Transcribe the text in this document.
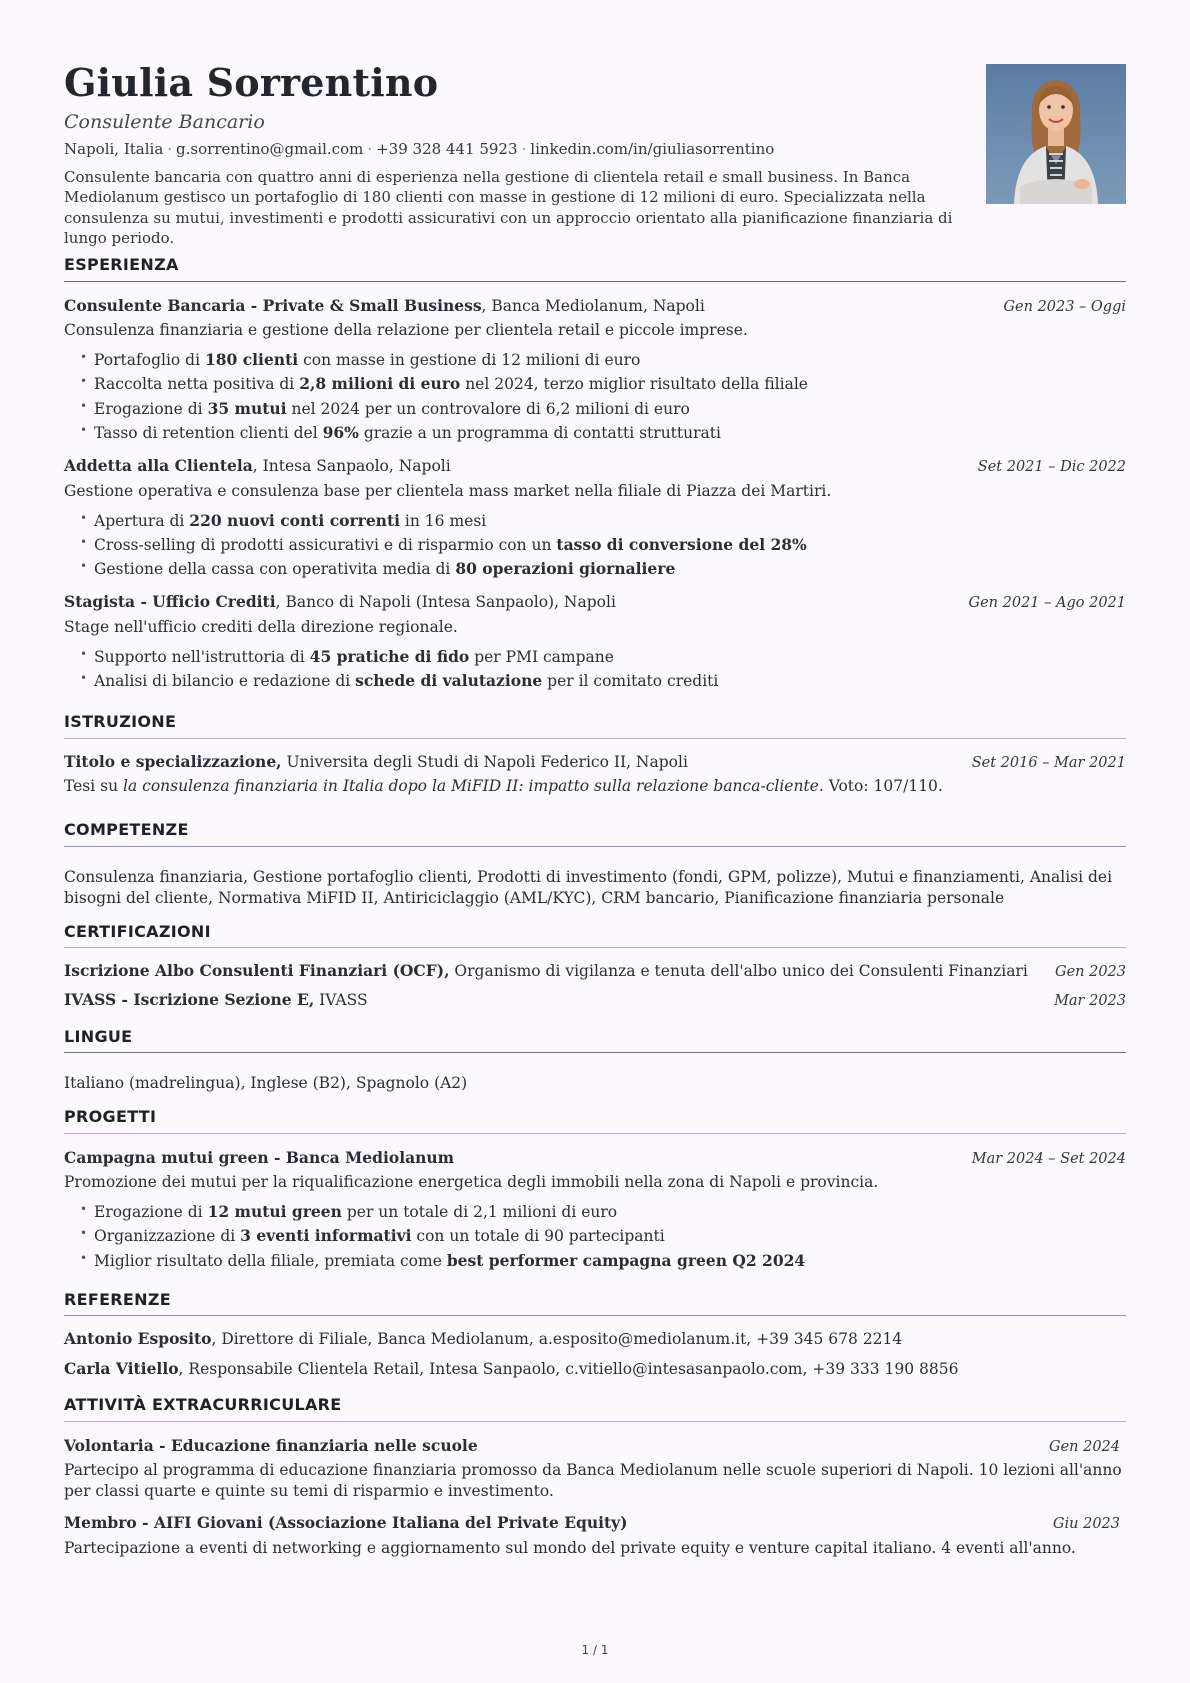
Giulia Sorrentino
Consulente Bancario
Napoli, Italia · g.sorrentino@gmail.com · +39 328 441 5923 · linkedin.com/in/giuliasorrentino

Consulente bancaria con quattro anni di esperienza nella gestione di clientela retail e small business. In Banca Mediolanum gestisco un portafoglio di 180 clienti con masse in gestione di 12 milioni di euro. Specializzata nella consulenza su mutui, investimenti e prodotti assicurativi con un approccio orientato alla pianificazione finanziaria di lungo periodo.

ESPERIENZA
Consulente Bancaria - Private & Small Business, Banca Mediolanum, Napoli	Gen 2023 – Oggi
Consulenza finanziaria e gestione della relazione per clientela retail e piccole imprese.
• Portafoglio di 180 clienti con masse in gestione di 12 milioni di euro
• Raccolta netta positiva di 2,8 milioni di euro nel 2024, terzo miglior risultato della filiale
• Erogazione di 35 mutui nel 2024 per un controvalore di 6,2 milioni di euro
• Tasso di retention clienti del 96% grazie a un programma di contatti strutturati
Addetta alla Clientela, Intesa Sanpaolo, Napoli	Set 2021 – Dic 2022
Gestione operativa e consulenza base per clientela mass market nella filiale di Piazza dei Martiri.
• Apertura di 220 nuovi conti correnti in 16 mesi
• Cross-selling di prodotti assicurativi e di risparmio con un tasso di conversione del 28%
• Gestione della cassa con operativita media di 80 operazioni giornaliere
Stagista - Ufficio Crediti, Banco di Napoli (Intesa Sanpaolo), Napoli	Gen 2021 – Ago 2021
Stage nell'ufficio crediti della direzione regionale.
• Supporto nell'istruttoria di 45 pratiche di fido per PMI campane
• Analisi di bilancio e redazione di schede di valutazione per il comitato crediti
ISTRUZIONE
Titolo e specializzazione, Universita degli Studi di Napoli Federico II, Napoli	Set 2016 – Mar 2021
Tesi su la consulenza finanziaria in Italia dopo la MiFID II: impatto sulla relazione banca-cliente. Voto: 107/110.
COMPETENZE

Consulenza finanziaria, Gestione portafoglio clienti, Prodotti di investimento (fondi, GPM, polizze), Mutui e finanziamenti, Analisi dei bisogni del cliente, Normativa MiFID II, Antiriciclaggio (AML/KYC), CRM bancario, Pianificazione finanziaria personale

CERTIFICAZIONI
Iscrizione Albo Consulenti Finanziari (OCF), Organismo di vigilanza e tenuta dell'albo unico dei Consulenti Finanziari Gen 2023
IVASS - Iscrizione Sezione E, IVASS	Mar 2023
LINGUE

Italiano (madrelingua), Inglese (B2), Spagnolo (A2)

PROGETTI
Campagna mutui green - Banca Mediolanum	Mar 2024 – Set 2024
Promozione dei mutui per la riqualificazione energetica degli immobili nella zona di Napoli e provincia.
• Erogazione di 12 mutui green per un totale di 2,1 milioni di euro
• Organizzazione di 3 eventi informativi con un totale di 90 partecipanti
• Miglior risultato della filiale, premiata come best performer campagna green Q2 2024
REFERENZE
Antonio Esposito, Direttore di Filiale, Banca Mediolanum, a.esposito@mediolanum.it, +39 345 678 2214
Carla Vitiello, Responsabile Clientela Retail, Intesa Sanpaolo, c.vitiello@intesasanpaolo.com, +39 333 190 8856
ATTIVITÀ EXTRACURRICULARE
Volontaria - Educazione finanziaria nelle scuole	Gen 2024
Partecipo al programma di educazione finanziaria promosso da Banca Mediolanum nelle scuole superiori di Napoli. 10 lezioni all'anno per classi quarte e quinte su temi di risparmio e investimento.
Membro - AIFI Giovani (Associazione Italiana del Private Equity)	Giu 2023
Partecipazione a eventi di networking e aggiornamento sul mondo del private equity e venture capital italiano. 4 eventi all'anno.
1 / 1
